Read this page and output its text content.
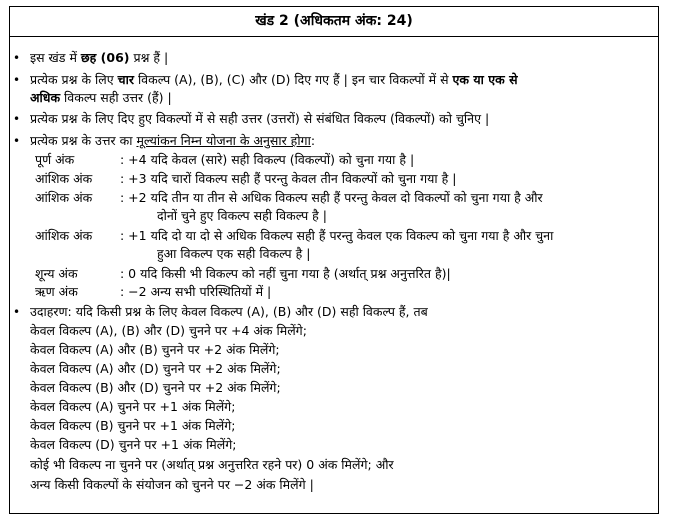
खंड 2 (अधिकतम अंक: 24)
• इस खंड में छह (06) प्रश्न हैं |
• प्रत्येक प्रश्न के लिए चार विकल्प (A), (B), (C) और (D) दिए गए हैं | इन चार विकल्पों में से एक या एक से
अधिक विकल्प सही उत्तर (हैं) |
• प्रत्येक प्रश्न के लिए दिए हुए विकल्पों में से सही उत्तर (उत्तरों) से संबंधित विकल्प (विकल्पों) को चुनिए |
• प्रत्येक प्रश्न के उत्तर का मूल्यांकन निम्न योजना के अनुसार होगा:
पूर्ण अंक	: +4 यदि केवल (सारे) सही विकल्प (विकल्पों) को चुना गया है |
आंशिक अंक : +3 यदि चारों विकल्प सही हैं परन्तु केवल तीन विकल्पों को चुना गया है |
आंशिक अंक : +2 यदि तीन या तीन से अधिक विकल्प सही हैं परन्तु केवल दो विकल्पों को चुना गया है और
दोनों चुने हुए विकल्प सही विकल्प है |
आंशिक अंक : +1 यदि दो या दो से अधिक विकल्प सही हैं परन्तु केवल एक विकल्प को चुना गया है और चुना
हुआ विकल्प एक सही विकल्प है |
शून्य अंक	: 0 यदि किसी भी विकल्प को नहीं चुना गया है (अर्थात् प्रश्न अनुत्तरित है)|
ऋण अंक	: −2 अन्य सभी परिस्थितियों में |
• उदाहरण: यदि किसी प्रश्न के लिए केवल विकल्प (A), (B) और (D) सही विकल्प हैं, तब
केवल विकल्प (A), (B) और (D) चुनने पर +4 अंक मिलेंगे;
केवल विकल्प (A) और (B) चुनने पर +2 अंक मिलेंगे;
केवल विकल्प (A) और (D) चुनने पर +2 अंक मिलेंगे;
केवल विकल्प (B) और (D) चुनने पर +2 अंक मिलेंगे;
केवल विकल्प (A) चुनने पर +1 अंक मिलेंगे;
केवल विकल्प (B) चुनने पर +1 अंक मिलेंगे;
केवल विकल्प (D) चुनने पर +1 अंक मिलेंगे;
कोई भी विकल्प ना चुनने पर (अर्थात् प्रश्न अनुत्तरित रहने पर) 0 अंक मिलेंगे; और
अन्य किसी विकल्पों के संयोजन को चुनने पर −2 अंक मिलेंगे |
